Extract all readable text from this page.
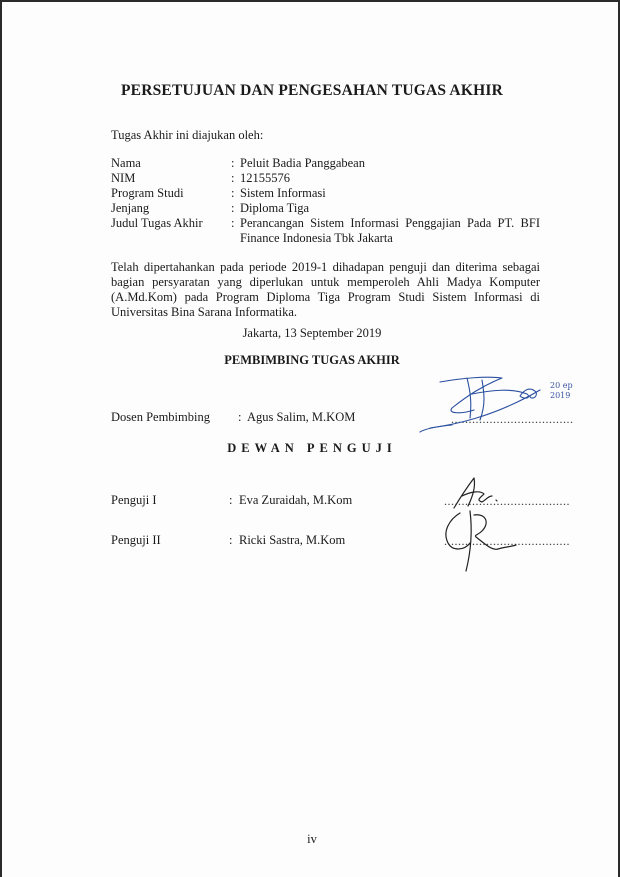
PERSETUJUAN DAN PENGESAHAN TUGAS AKHIR
Tugas Akhir ini diajukan oleh:
Nama	: Peluit Badia Panggabean
NIM	: 12155576
Program Studi	: Sistem Informasi
Jenjang	: Diploma Tiga
Judul Tugas Akhir	: Perancangan Sistem Informasi Penggajian Pada PT. BFI
Finance Indonesia Tbk Jakarta
Telah dipertahankan pada periode 2019-1 dihadapan penguji dan diterima sebagai bagian persyaratan yang diperlukan untuk memperoleh Ahli Madya Komputer (A.Md.Kom) pada Program Diploma Tiga Program Studi Sistem Informasi di Universitas Bina Sarana Informatika.
Jakarta, 13 September 2019
PEMBIMBING TUGAS AKHIR
Dosen Pembimbing : Agus Salim, M.KOM	...................................
20 ep
2019
DEWAN PENGUJI
Penguji I	: Eva Zuraidah, M.Kom	....................................
Penguji II	: Ricki Sastra, M.Kom	....................................
iv
